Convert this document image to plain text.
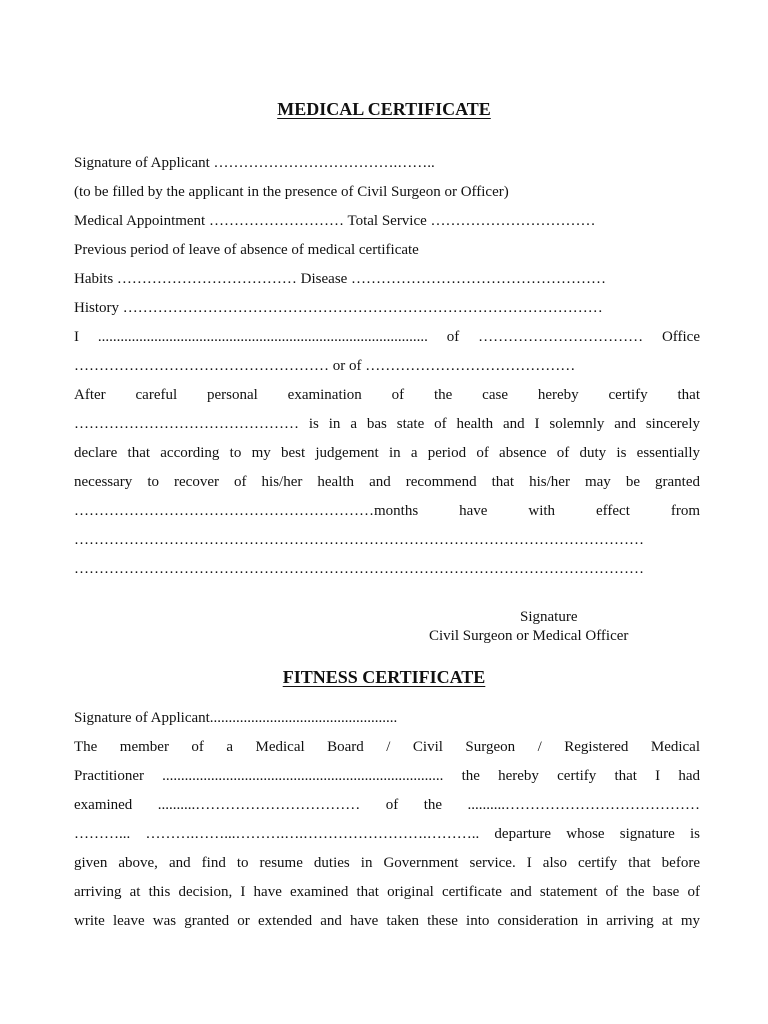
MEDICAL CERTIFICATE
Signature of Applicant ……………………………….……..
(to be filled by the applicant in the presence of Civil Surgeon or Officer)
Medical Appointment ……………………… Total Service ……………………………
Previous period of leave of absence of medical certificate
Habits ……………………………… Disease ……………………………………………
History ……………………………………………………………………………………
I ........................................................................................ of …………………………… Office
…………………………………………… or of ……………………………………
After careful personal examination of the case hereby certify that
……………………………………… is in a bas state of health and I solemnly and sincerely
declare that according to my best judgement in a period of absence of duty is essentially
necessary to recover of his/her health and recommend that his/her may be granted
……………………………………………………months have with effect from
……………………………………………………………………………………………………
……………………………………………………………………………………………………
Signature
Civil Surgeon or Medical Officer
FITNESS CERTIFICATE
Signature of Applicant..................................................
The member of a Medical Board / Civil Surgeon / Registered Medical
Practitioner ........................................................................... the hereby certify that I had
examined ..........…………………………… of the ..........…………………………………
………... ……….……...……….….…………………….……….. departure whose signature is
given above, and find to resume duties in Government service. I also certify that before
arriving at this decision, I have examined that original certificate and statement of the base of
write leave was granted or extended and have taken these into consideration in arriving at my
